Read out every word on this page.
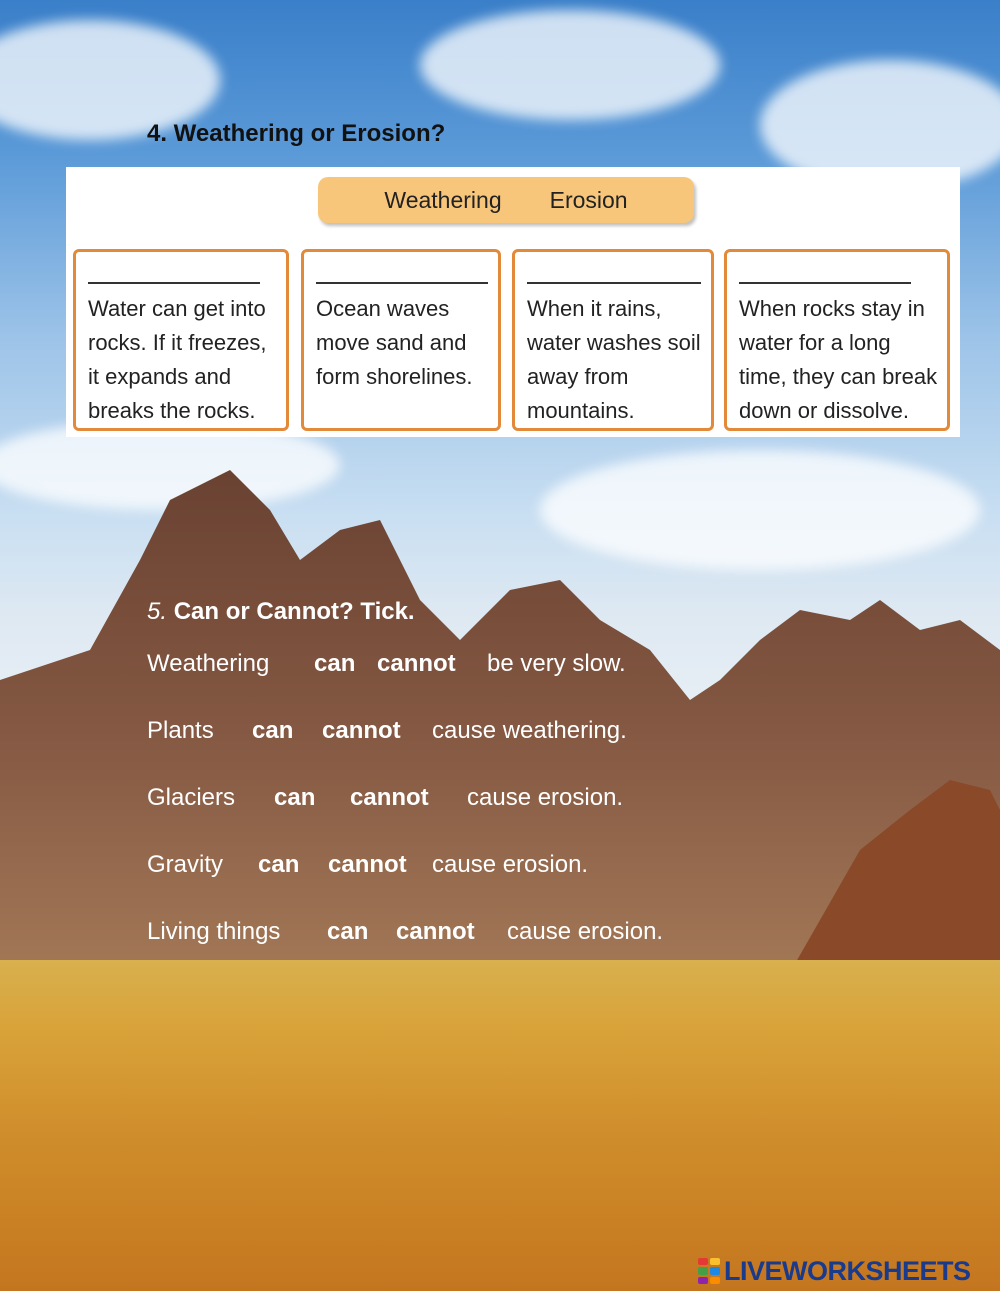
4. Weathering or Erosion?
Weathering Erosion
Water can get into rocks. If it freezes, it expands and breaks the rocks.
Ocean waves move sand and form shorelines.
When it rains, water washes soil away from mountains.
When rocks stay in water for a long time, they can break down or dissolve.
5. Can or Cannot? Tick.
Weathering can cannot be very slow.
Plants can cannot cause weathering.
Glaciers can cannot cause erosion.
Gravity can cannot cause erosion.
Living things can cannot cause erosion.
LIVEWORKSHEETS
